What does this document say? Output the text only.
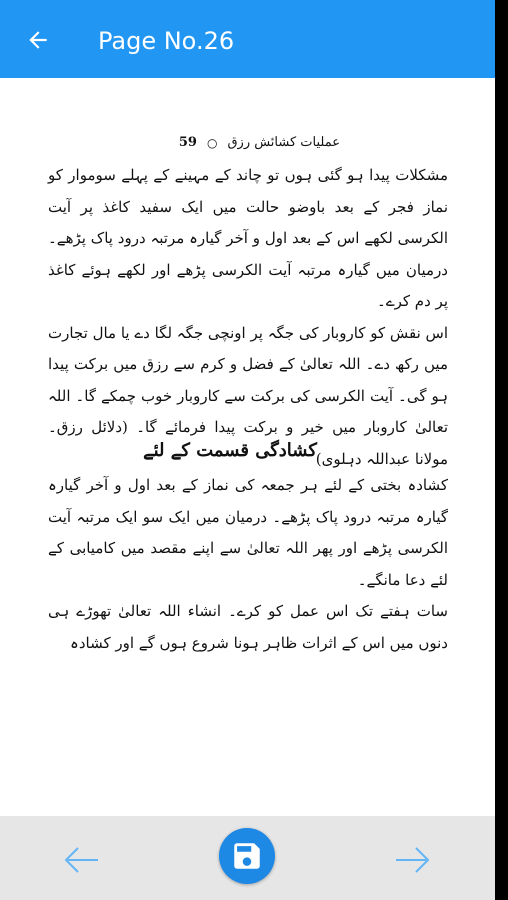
Page No.26
عملیات کشائش رزق
○
59

مشکلات پیدا ہو گئی ہوں تو چاند کے مہینے کے پہلے سوموار کو نماز فجر کے بعد باوضو حالت میں ایک سفید کاغذ پر آیت الکرسی لکھے اس کے بعد اول و آخر گیارہ مرتبہ درود پاک پڑھے۔ درمیان میں گیارہ مرتبہ آیت الکرسی پڑھے اور لکھے ہوئے کاغذ پر دم کرے۔

اس نقش کو کاروبار کی جگہ پر اونچی جگہ لگا دے یا مال تجارت میں رکھ دے۔ اللہ تعالیٰ کے فضل و کرم سے رزق میں برکت پیدا ہو گی۔ آیت الکرسی کی برکت سے کاروبار خوب چمکے گا۔ اللہ تعالیٰ کاروبار میں خیر و برکت پیدا فرمائے گا۔ (دلائل رزق۔ مولانا عبداللہ دہلوی)

کشادگی قسمت کے لئے

کشادہ بختی کے لئے ہر جمعہ کی نماز کے بعد اول و آخر گیارہ گیارہ مرتبہ درود پاک پڑھے۔ درمیان میں ایک سو ایک مرتبہ آیت الکرسی پڑھے اور پھر اللہ تعالیٰ سے اپنے مقصد میں کامیابی کے لئے دعا مانگے۔

سات ہفتے تک اس عمل کو کرے۔ انشاء اللہ تعالیٰ تھوڑے ہی دنوں میں اس کے اثرات ظاہر ہونا شروع ہوں گے اور کشادہ
